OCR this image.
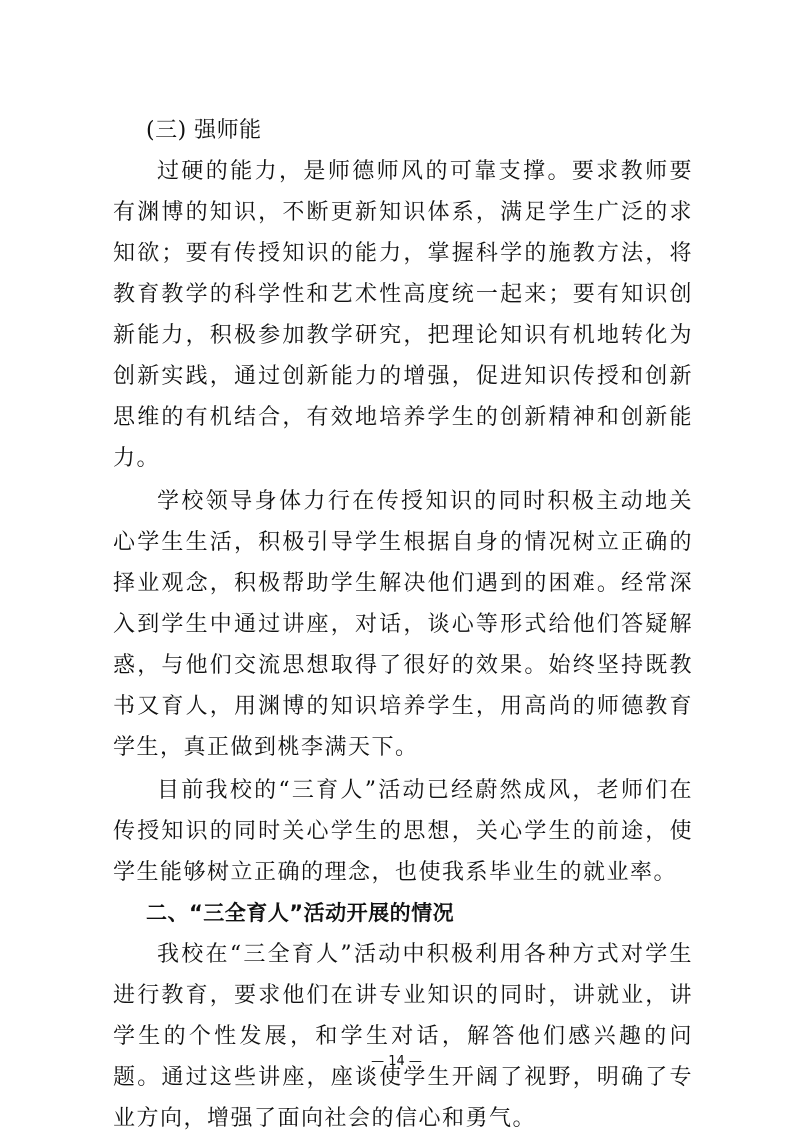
(三) 强师能

过硬的能力，是师德师风的可靠支撑。要求教师要有渊博的知识，不断更新知识体系，满足学生广泛的求知欲；要有传授知识的能力，掌握科学的施教方法，将教育教学的科学性和艺术性高度统一起来；要有知识创新能力，积极参加教学研究，把理论知识有机地转化为创新实践，通过创新能力的增强，促进知识传授和创新思维的有机结合，有效地培养学生的创新精神和创新能力。

学校领导身体力行在传授知识的同时积极主动地关心学生生活，积极引导学生根据自身的情况树立正确的择业观念，积极帮助学生解决他们遇到的困难。经常深入到学生中通过讲座，对话，谈心等形式给他们答疑解惑，与他们交流思想取得了很好的效果。始终坚持既教书又育人，用渊博的知识培养学生，用高尚的师德教育学生，真正做到桃李满天下。

目前我校的“三育人”活动已经蔚然成风，老师们在传授知识的同时关心学生的思想，关心学生的前途，使学生能够树立正确的理念，也使我系毕业生的就业率。

二、“三全育人”活动开展的情况

我校在“三全育人”活动中积极利用各种方式对学生进行教育，要求他们在讲专业知识的同时，讲就业，讲学生的个性发展，和学生对话，解答他们感兴趣的问题。通过这些讲座，座谈使学生开阔了视野，明确了专业方向，增强了面向社会的信心和勇气。

— 14 —
